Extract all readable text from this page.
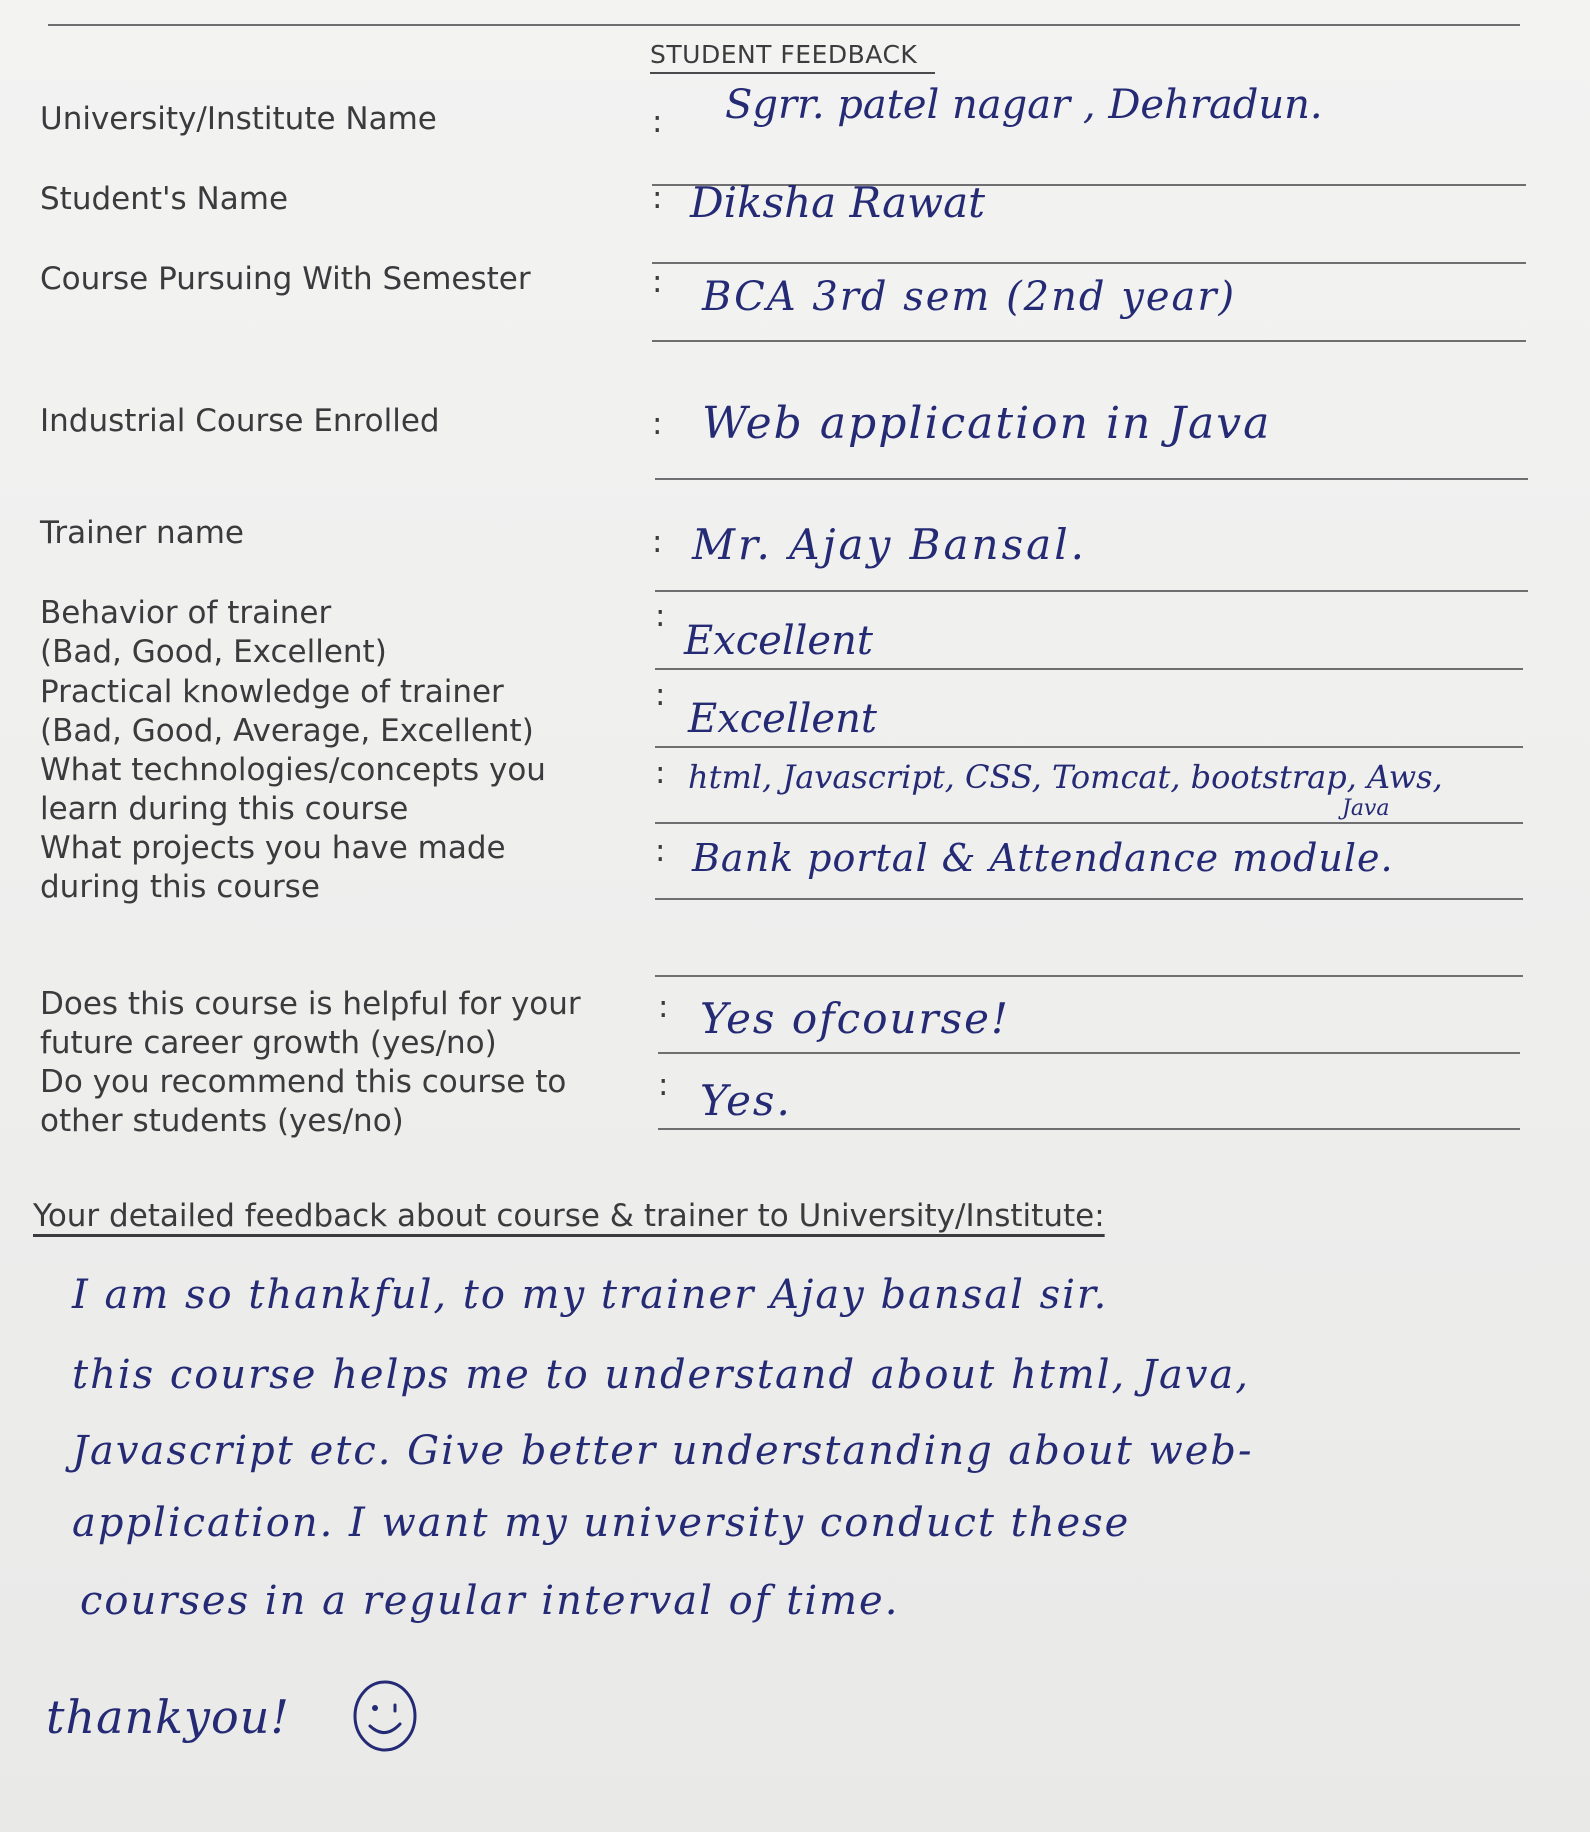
STUDENT FEEDBACK
University/Institute Name	: Sgrr. patel nagar , Dehradun.
Student's Name	: Diksha Rawat
Course Pursuing With Semester	: BCA 3rd sem (2nd year)
Industrial Course Enrolled	: Web application in Java
Trainer name	: Mr. Ajay Bansal.
Behavior of trainer
(Bad, Good, Excellent)
:
Excellent
Practical knowledge of trainer
(Bad, Good, Average, Excellent)
:
Excellent
What technologies/concepts you
learn during this course
: html, Javascript, CSS, Tomcat, bootstrap, Aws,
Java
What projects you have made
during this course
: Bank portal & Attendance module.
Does this course is helpful for your
future career growth (yes/no)
: Yes ofcourse!
Do you recommend this course to
other students (yes/no)
: Yes.
Your detailed feedback about course & trainer to University/Institute:
I am so thankful, to my trainer Ajay bansal sir.
this course helps me to understand about html, Java,
Javascript etc. Give better understanding about web-
application. I want my university conduct these
courses in a regular interval of time.
thankyou!
